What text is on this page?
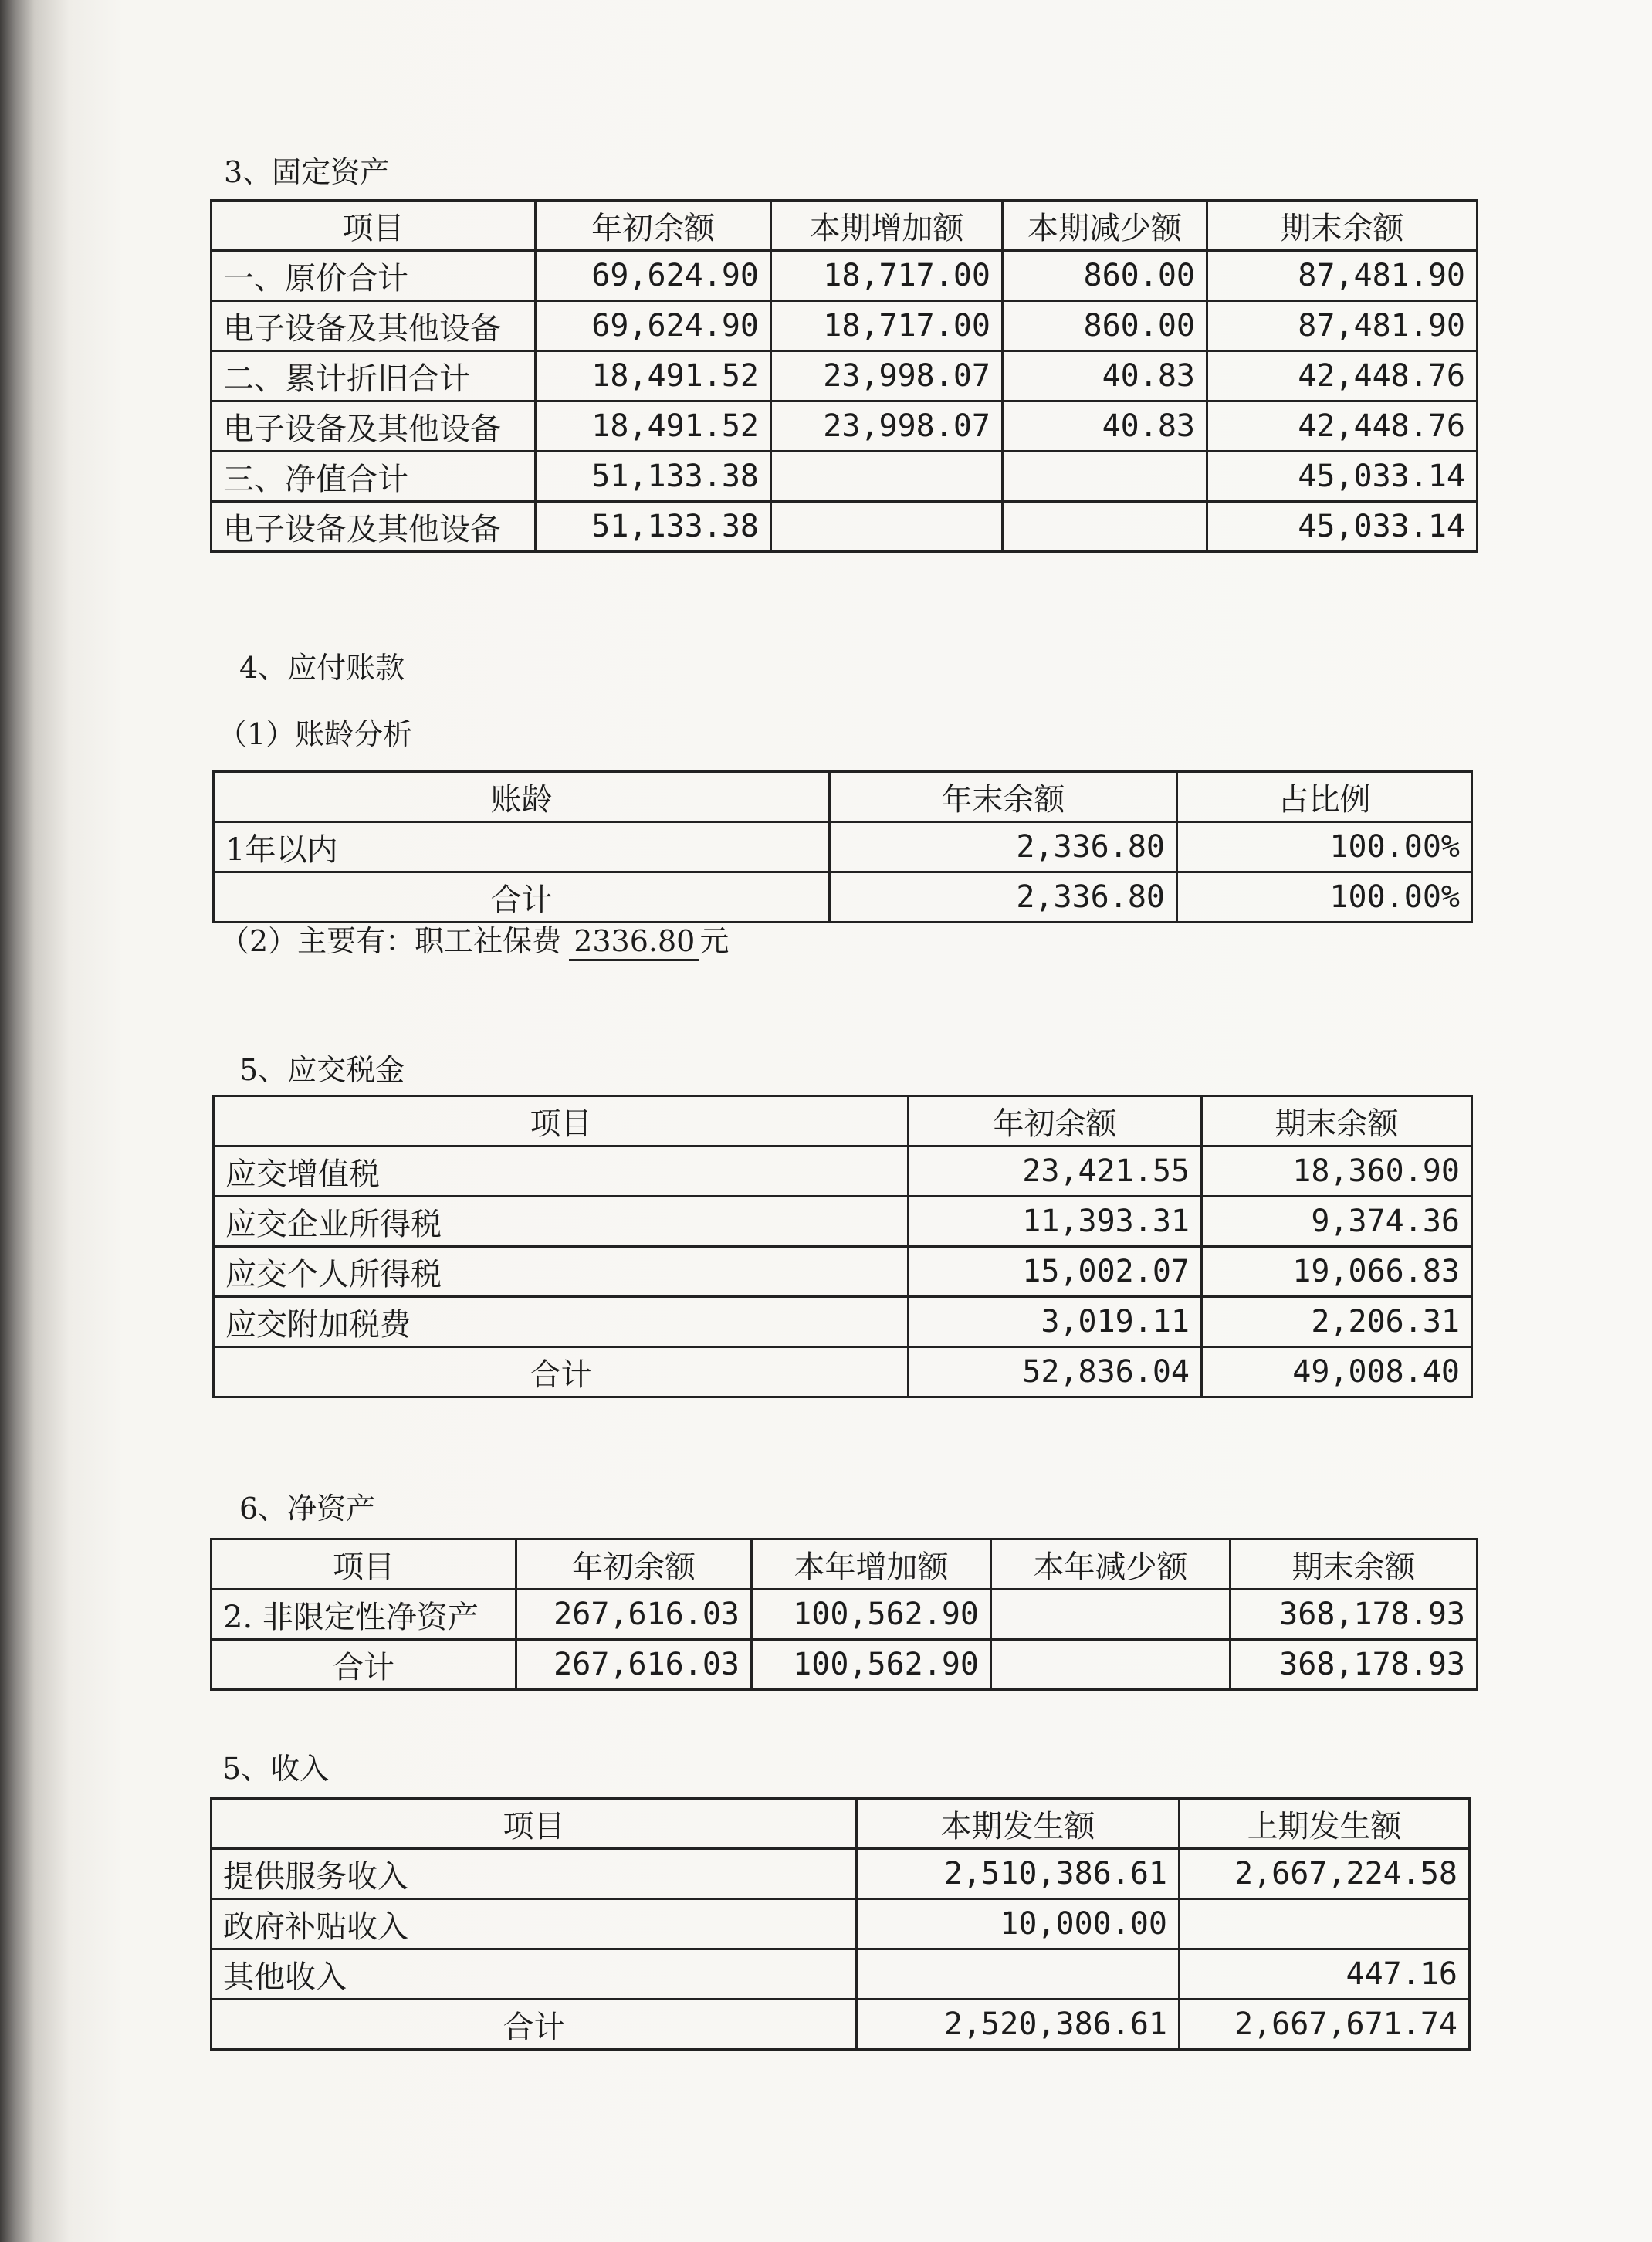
3、固定资产
项目	年初余额	本期增加额	本期减少额	期末余额
一、原价合计	69,624.90	18,717.00	860.00	87,481.90
电子设备及其他设备	69,624.90	18,717.00	860.00	87,481.90
二、累计折旧合计	18,491.52	23,998.07	40.83	42,448.76
电子设备及其他设备	18,491.52	23,998.07	40.83	42,448.76
三、净值合计	51,133.38			45,033.14
电子设备及其他设备	51,133.38			45,033.14
4、应付账款
（1）账龄分析
账龄	年末余额	占比例
1年以内	2,336.80	100.00%
合计	2,336.80	100.00%
（2）主要有：职工社保费 2336.80 元
5、应交税金
项目	年初余额	期末余额
应交增值税	23,421.55	18,360.90
应交企业所得税	11,393.31	9,374.36
应交个人所得税	15,002.07	19,066.83
应交附加税费	3,019.11	2,206.31
合计	52,836.04	49,008.40
6、净资产
项目	年初余额	本年增加额	本年减少额	期末余额
2. 非限定性净资产	267,616.03	100,562.90		368,178.93
合计	267,616.03	100,562.90		368,178.93
5、收入
项目	本期发生额	上期发生额
提供服务收入	2,510,386.61	2,667,224.58
政府补贴收入	10,000.00	
其他收入		447.16
合计	2,520,386.61	2,667,671.74
